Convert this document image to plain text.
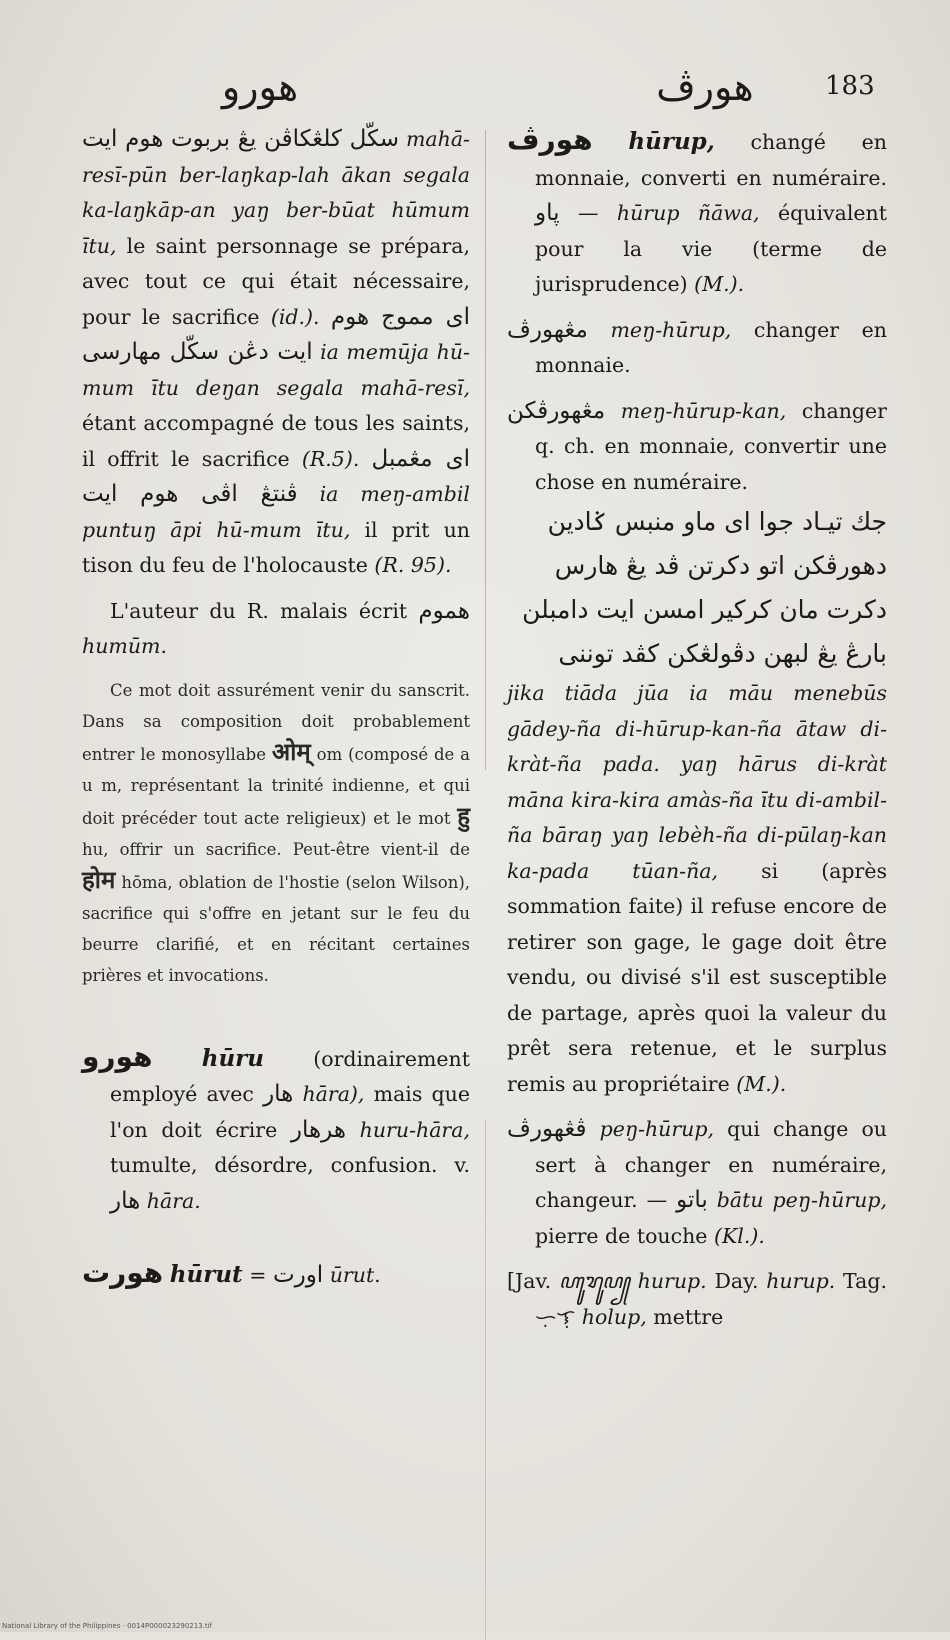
هورو	هورڤ	183

سكّل كلڠكاڤن يڠ بربوت هوم ايت mahā-resī-pūn ber-laŋkap-lah ākan segala ka-laŋkāp-an yaŋ ber-būat hūmum ītu, le saint personnage se prépara, avec tout ce qui était nécessaire, pour le sacrifice (id.). اى مموج هوم ايت دڠن سكّل مهارسى ia memūja hū-mum ītu deŋan segala mahā-resī, étant accompagné de tous les saints, il offrit le sacrifice (R.5). اى مڠمبل ڤنتڠ اڤى هوم ايت ia meŋ-ambil puntuŋ āpi hū-mum ītu, il prit un tison du feu de l'holocauste (R. 95).

L'auteur du R. malais écrit هموم humūm.

Ce mot doit assurément venir du sanscrit. Dans sa composition doit probablement entrer le monosyllabe ओम् om (composé de a u m, représentant la trinité indienne, et qui doit précéder tout acte religieux) et le mot हु hu, offrir un sacrifice. Peut-être vient-il de होम hōma, oblation de l'hostie (selon Wilson), sacrifice qui s'offre en jetant sur le feu du beurre clarifié, et en récitant certaines prières et invocations.

هورو hūru (ordinairement employé avec هار hāra), mais que l'on doit écrire هرهار huru-hāra, tumulte, désordre, confusion. v. هار hāra.

هورت hūrut = اورت ūrut.

هورڤ hūrup, changé en monnaie, converti en numéraire. ڽاو — hūrup ñāwa, équivalent pour la vie (terme de jurisprudence) (M.).

مڠهورڤ meŋ-hūrup, changer en monnaie.

مڠهورڤكن meŋ-hūrup-kan, changer q. ch. en monnaie, convertir une chose en numéraire.

جك تيـاد جوا اى ماو منبس ݢادين
دهورڤكن اتو دكرتن ڤد يڠ هارس
دكرت مان كركير امسن ايت دامبلن
بارڠ يڠ لبهن دڤولڠكن كڤد توننى

jika tiāda jūa ia māu menebūs gādey-ña di-hūrup-kan-ña ātaw di-kràt-ña pada. yaŋ hārus di-kràt māna kira-kira amàs-ña ītu di-ambil-ña bāraŋ yaŋ lebèh-ña di-pūlaŋ-kan ka-pada tūan-ña, si (après sommation faite) il refuse encore de retirer son gage, le gage doit être vendu, ou divisé s'il est susceptible de partage, après quoi la valeur du prêt sera retenue, et le surplus remis au propriétaire (M.).

ڤڠهورڤ peŋ-hūrup, qui change ou sert à changer en numéraire, changeur. — باتو bātu peŋ-hūrup, pierre de touche (Kl.).

[Jav. ꦲꦸꦫꦸꦥ꧀ hurup. Day. hurup. Tag. ᜑᜓᜎᜓ holup, mettre

National Library of the Philippines · 0014P000023290213.tif
